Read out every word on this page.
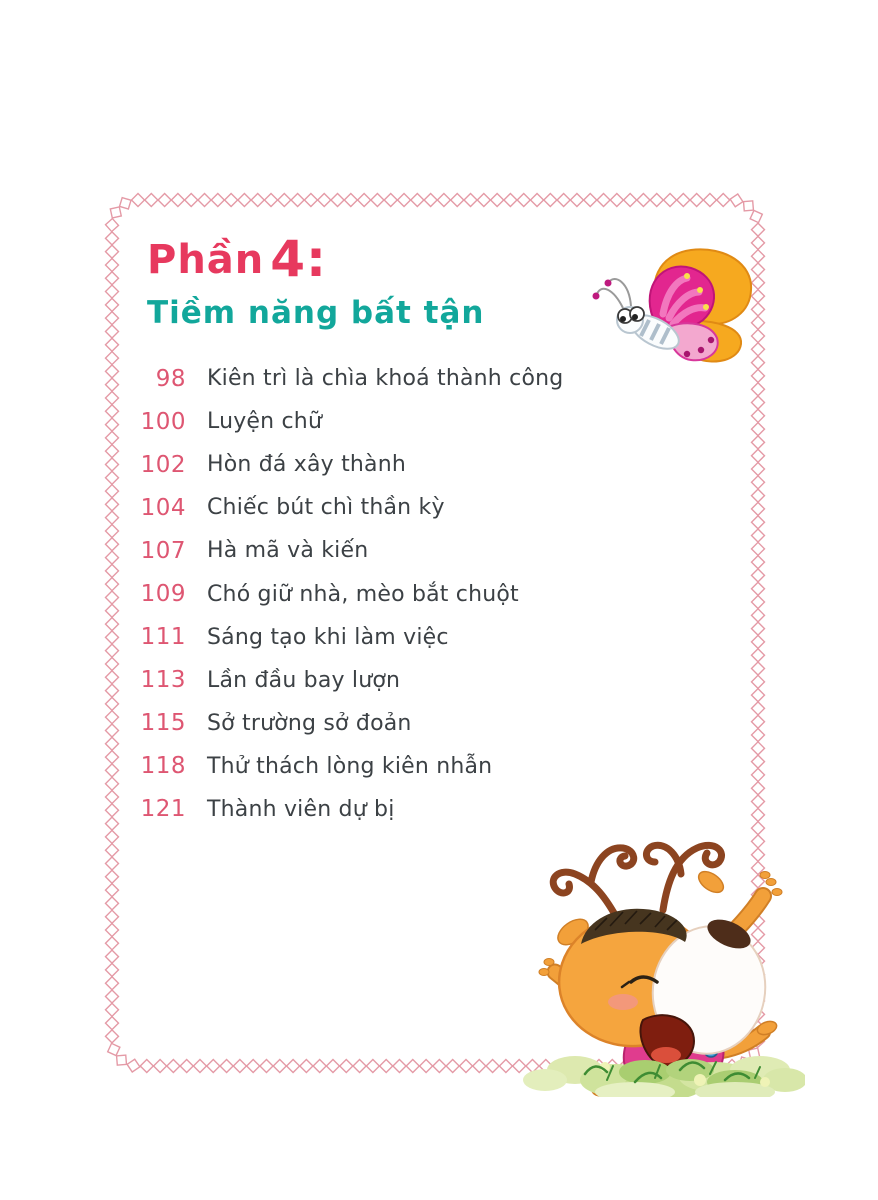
Phần 4:
Tiềm năng bất tận
98 Kiên trì là chìa khoá thành công
100 Luyện chữ
102 Hòn đá xây thành
104 Chiếc bút chì thần kỳ
107 Hà mã và kiến
109 Chó giữ nhà, mèo bắt chuột
111 Sáng tạo khi làm việc
113 Lần đầu bay lượn
115 Sở trường sở đoản
118 Thử thách lòng kiên nhẫn
121 Thành viên dự bị
